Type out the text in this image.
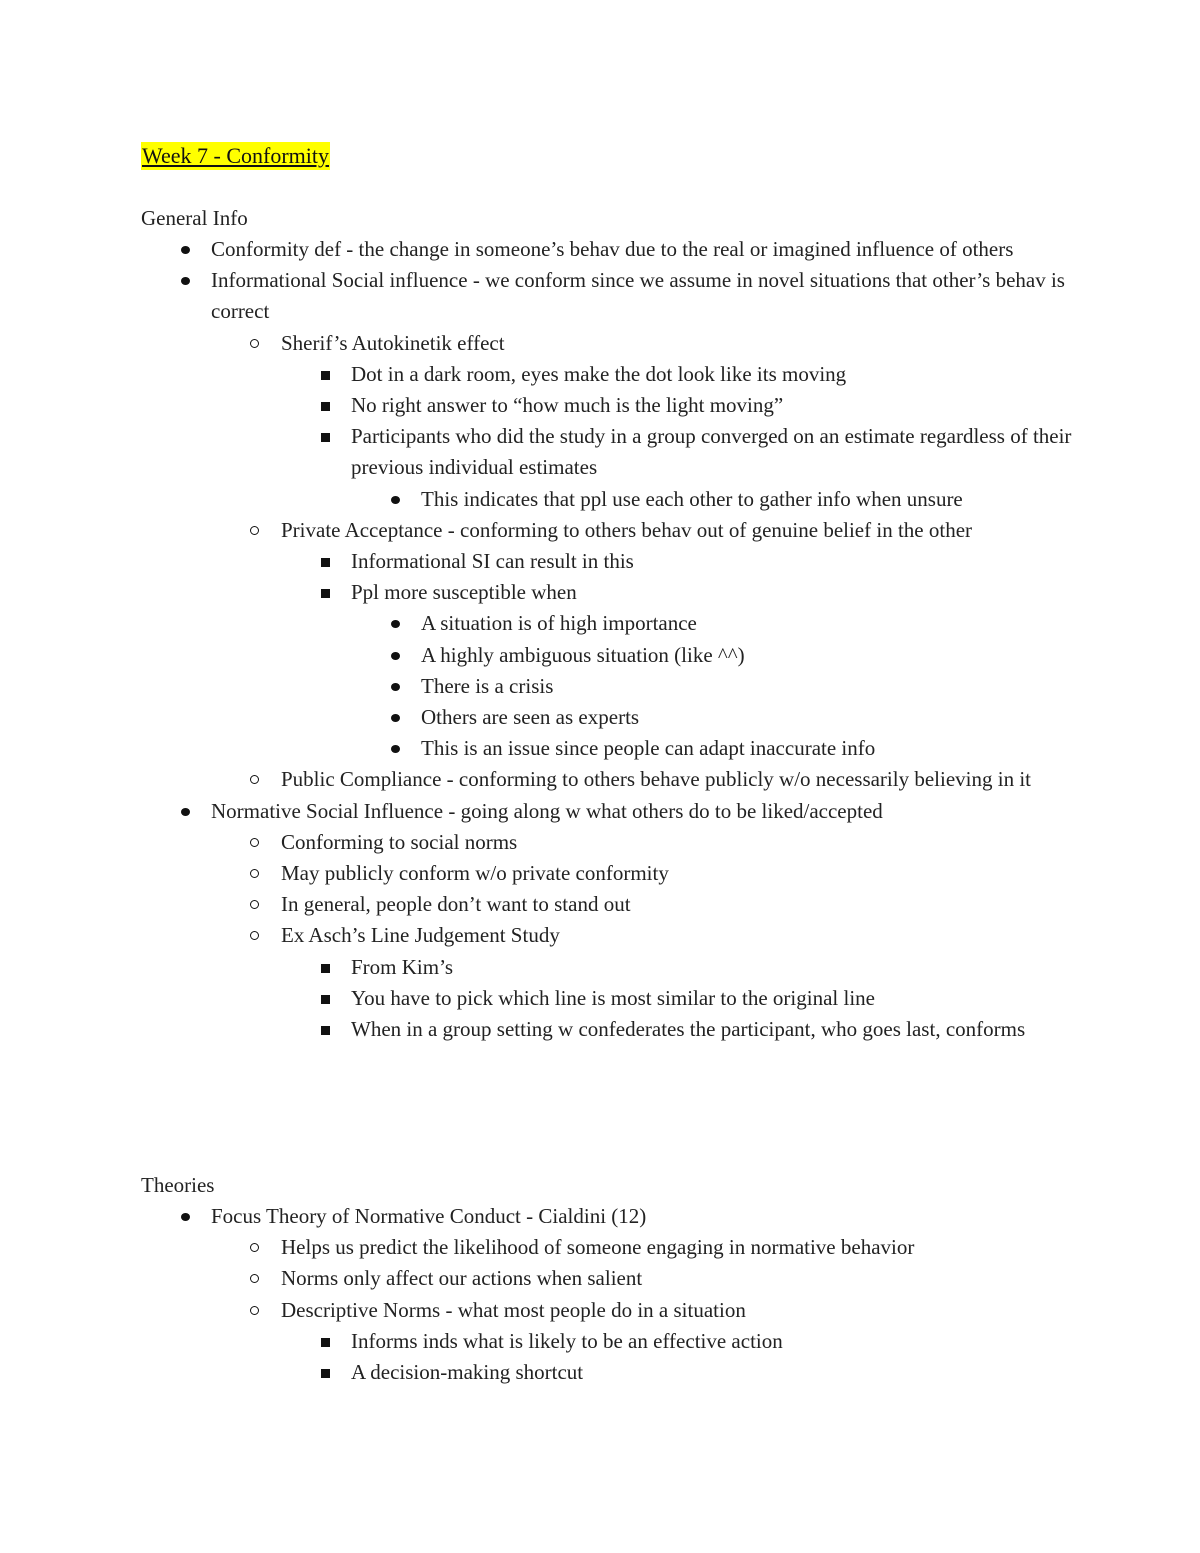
Week 7 - Conformity

General Info

Conformity def - the change in someone’s behav due to the real or imagined influence of others
Informational Social influence - we conform since we assume in novel situations that other’s behav is correct
Sherif’s Autokinetik effect
Dot in a dark room, eyes make the dot look like its moving
No right answer to “how much is the light moving”
Participants who did the study in a group converged on an estimate regardless of their previous individual estimates
This indicates that ppl use each other to gather info when unsure
Private Acceptance - conforming to others behav out of genuine belief in the other
Informational SI can result in this
Ppl more susceptible when
A situation is of high importance
A highly ambiguous situation (like ^^)
There is a crisis
Others are seen as experts
This is an issue since people can adapt inaccurate info
Public Compliance - conforming to others behave publicly w/o necessarily believing in it
Normative Social Influence - going along w what others do to be liked/accepted
Conforming to social norms
May publicly conform w/o private conformity
In general, people don’t want to stand out
Ex Asch’s Line Judgement Study
From Kim’s
You have to pick which line is most similar to the original line
When in a group setting w confederates the participant, who goes last, conforms

Theories

Focus Theory of Normative Conduct - Cialdini (12)
Helps us predict the likelihood of someone engaging in normative behavior
Norms only affect our actions when salient
Descriptive Norms - what most people do in a situation
Informs inds what is likely to be an effective action
A decision-making shortcut
